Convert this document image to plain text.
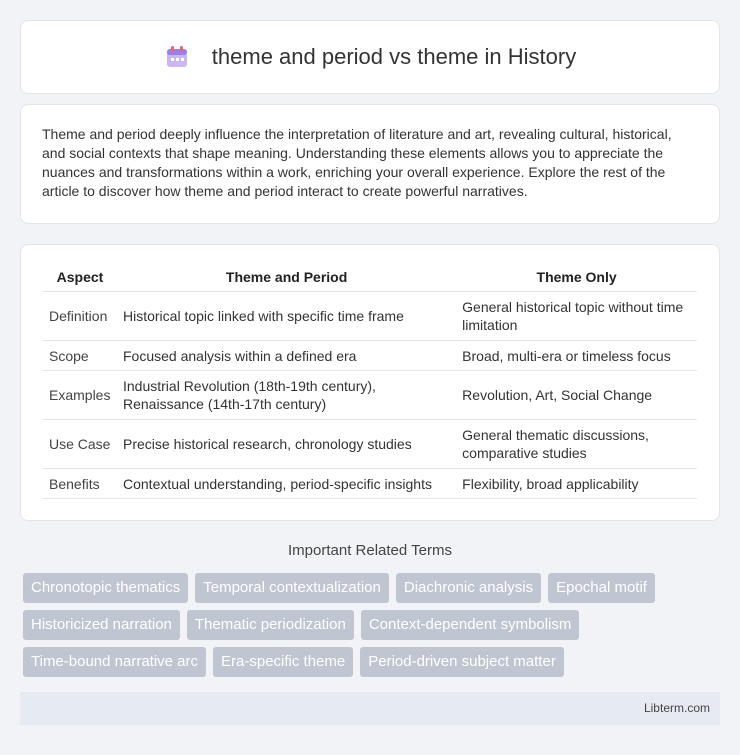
theme and period vs theme in History

Theme and period deeply influence the interpretation of literature and art, revealing cultural, historical, and social contexts that shape meaning. Understanding these elements allows you to appreciate the nuances and transformations within a work, enriching your overall experience. Explore the rest of the article to discover how theme and period interact to create powerful narratives.

Aspect	Theme and Period	Theme Only
Definition	Historical topic linked with specific time frame	General historical topic without time limitation
Scope	Focused analysis within a defined era	Broad, multi-era or timeless focus
Examples	Industrial Revolution (18th-19th century), Renaissance (14th-17th century)	Revolution, Art, Social Change
Use Case	Precise historical research, chronology studies	General thematic discussions, comparative studies
Benefits	Contextual understanding, period-specific insights	Flexibility, broad applicability
Important Related Terms
Chronotopic thematics	Temporal contextualization	Diachronic analysis	Epochal motif
Historicized narration	Thematic periodization	Context-dependent symbolism
Time-bound narrative arc	Era-specific theme	Period-driven subject matter
Libterm.com
